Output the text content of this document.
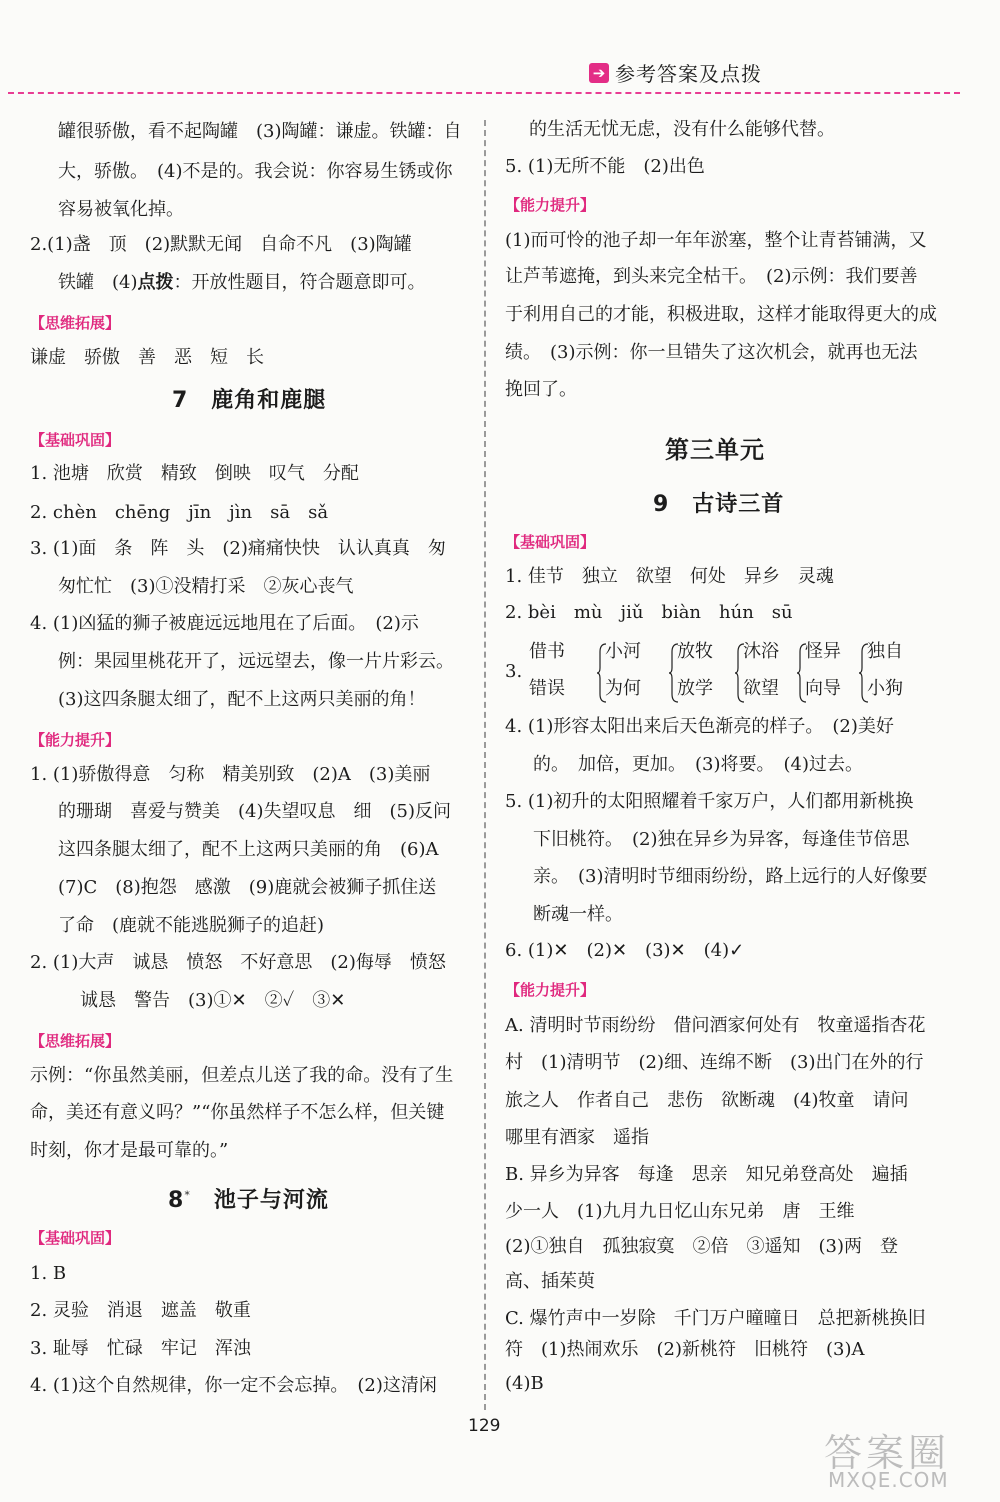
➔ 参考答案及点拨
罐很骄傲，看不起陶罐　(3)陶罐：谦虚。铁罐：自
大，骄傲。　(4)不是的。我会说：你容易生锈或你
容易被氧化掉。
2.(1)盏　顶　(2)默默无闻　自命不凡　(3)陶罐
铁罐　(4)点拨：开放性题目，符合题意即可。
【思维拓展】
谦虚　骄傲　善　恶　短　长
7　鹿角和鹿腿
【基础巩固】
1. 池塘　欣赏　精致　倒映　叹气　分配
2. chèn　chēng　jīn　jìn　sā　sǎ
3. (1)面　条　阵　头　(2)痛痛快快　认认真真　匆
匆忙忙　(3)①没精打采　②灰心丧气
4. (1)凶猛的狮子被鹿远远地甩在了后面。　(2)示
例：果园里桃花开了，远远望去，像一片片彩云。
(3)这四条腿太细了，配不上这两只美丽的角！
【能力提升】
1. (1)骄傲得意　匀称　精美别致　(2)A　(3)美丽
的珊瑚　喜爱与赞美　(4)失望叹息　细　(5)反问
这四条腿太细了，配不上这两只美丽的角　(6)A
(7)C　(8)抱怨　感激　(9)鹿就会被狮子抓住送
了命　(鹿就不能逃脱狮子的追赶)
2. (1)大声　诚恳　愤怒　不好意思　(2)侮辱　愤怒
诚恳　警告　(3)①✕　②✓　③✕
【思维拓展】
示例：“你虽然美丽，但差点儿送了我的命。没有了生
命，美还有意义吗？”“你虽然样子不怎么样，但关键
时刻，你才是最可靠的。”
8*　 池子与河流
【基础巩固】
1. B
2. 灵验　消退　遮盖　敬重
3. 耻辱　忙碌　牢记　浑浊
4. (1)这个自然规律，你一定不会忘掉。　(2)这清闲
的生活无忧无虑，没有什么能够代替。
5. (1)无所不能　(2)出色
【能力提升】
(1)而可怜的池子却一年年淤塞，整个让青苔铺满，又
让芦苇遮掩，到头来完全枯干。　(2)示例：我们要善
于利用自己的才能，积极进取，这样才能取得更大的成
绩。　(3)示例：你一旦错失了这次机会，就再也无法
挽回了。
第三单元
9　古诗三首
【基础巩固】
1. 佳节　独立　欲望　何处　异乡　灵魂
2. bèi　mù　jiǔ　biàn　hún　sū
3.
借书
错误
小河
为何
放牧
放学
沐浴
欲望
怪异
向导
独自
小狗
4. (1)形容太阳出来后天色渐亮的样子。　(2)美好
的。　加倍，更加。　(3)将要。　(4)过去。
5. (1)初升的太阳照耀着千家万户，人们都用新桃换
下旧桃符。　(2)独在异乡为异客，每逢佳节倍思
亲。　(3)清明时节细雨纷纷，路上远行的人好像要
断魂一样。
6. (1)✕　(2)✕　(3)✕　(4)✓
【能力提升】
A. 清明时节雨纷纷　借问酒家何处有　牧童遥指杏花
村　(1)清明节　(2)细、连绵不断　(3)出门在外的行
旅之人　作者自己　悲伤　欲断魂　(4)牧童　请问
哪里有酒家　遥指
B. 异乡为异客　每逢　思亲　知兄弟登高处　遍插
少一人　(1)九月九日忆山东兄弟　唐　王维
(2)①独自　孤独寂寞　②倍　③遥知　(3)两　登
高、插茱萸
C. 爆竹声中一岁除　千门万户曈曈日　总把新桃换旧
符　(1)热闹欢乐　(2)新桃符　旧桃符　(3)A
(4)B
129
答案圈
MXQE.COM
